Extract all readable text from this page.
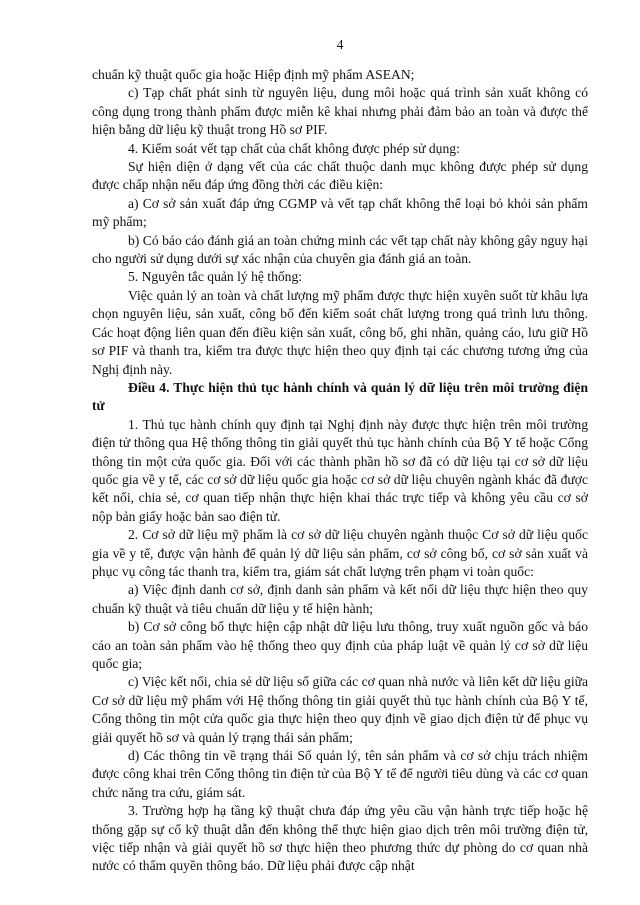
4

chuẩn kỹ thuật quốc gia hoặc Hiệp định mỹ phẩm ASEAN;

c) Tạp chất phát sinh từ nguyên liệu, dung môi hoặc quá trình sản xuất không có công dụng trong thành phẩm được miễn kê khai nhưng phải đảm bảo an toàn và được thể hiện bằng dữ liệu kỹ thuật trong Hồ sơ PIF.

4. Kiểm soát vết tạp chất của chất không được phép sử dụng:

Sự hiện diện ở dạng vết của các chất thuộc danh mục không được phép sử dụng được chấp nhận nếu đáp ứng đồng thời các điều kiện:

a) Cơ sở sản xuất đáp ứng CGMP và vết tạp chất không thể loại bỏ khỏi sản phẩm mỹ phẩm;

b) Có báo cáo đánh giá an toàn chứng minh các vết tạp chất này không gây nguy hại cho người sử dụng dưới sự xác nhận của chuyên gia đánh giá an toàn.

5. Nguyên tắc quản lý hệ thống:

Việc quản lý an toàn và chất lượng mỹ phẩm được thực hiện xuyên suốt từ khâu lựa chọn nguyên liệu, sản xuất, công bố đến kiểm soát chất lượng trong quá trình lưu thông. Các hoạt động liên quan đến điều kiện sản xuất, công bố, ghi nhãn, quảng cáo, lưu giữ Hồ sơ PIF và thanh tra, kiểm tra được thực hiện theo quy định tại các chương tương ứng của Nghị định này.

Điều 4. Thực hiện thủ tục hành chính và quản lý dữ liệu trên môi trường điện tử

1. Thủ tục hành chính quy định tại Nghị định này được thực hiện trên môi trường điện tử thông qua Hệ thống thông tin giải quyết thủ tục hành chính của Bộ Y tế hoặc Cổng thông tin một cửa quốc gia. Đối với các thành phần hồ sơ đã có dữ liệu tại cơ sở dữ liệu quốc gia về y tế, các cơ sở dữ liệu quốc gia hoặc cơ sở dữ liệu chuyên ngành khác đã được kết nối, chia sẻ, cơ quan tiếp nhận thực hiện khai thác trực tiếp và không yêu cầu cơ sở nộp bản giấy hoặc bản sao điện tử.

2. Cơ sở dữ liệu mỹ phẩm là cơ sở dữ liệu chuyên ngành thuộc Cơ sở dữ liệu quốc gia về y tế, được vận hành để quản lý dữ liệu sản phẩm, cơ sở công bố, cơ sở sản xuất và phục vụ công tác thanh tra, kiểm tra, giám sát chất lượng trên phạm vi toàn quốc:

a) Việc định danh cơ sở, định danh sản phẩm và kết nối dữ liệu thực hiện theo quy chuẩn kỹ thuật và tiêu chuẩn dữ liệu y tế hiện hành;

b) Cơ sở công bố thực hiện cập nhật dữ liệu lưu thông, truy xuất nguồn gốc và báo cáo an toàn sản phẩm vào hệ thống theo quy định của pháp luật về quản lý cơ sở dữ liệu quốc gia;

c) Việc kết nối, chia sẻ dữ liệu số giữa các cơ quan nhà nước và liên kết dữ liệu giữa Cơ sở dữ liệu mỹ phẩm với Hệ thống thông tin giải quyết thủ tục hành chính của Bộ Y tế, Cổng thông tin một cửa quốc gia thực hiện theo quy định về giao dịch điện tử để phục vụ giải quyết hồ sơ và quản lý trạng thái sản phẩm;

d) Các thông tin về trạng thái Số quản lý, tên sản phẩm và cơ sở chịu trách nhiệm được công khai trên Cổng thông tin điện tử của Bộ Y tế để người tiêu dùng và các cơ quan chức năng tra cứu, giám sát.

3. Trường hợp hạ tầng kỹ thuật chưa đáp ứng yêu cầu vận hành trực tiếp hoặc hệ thống gặp sự cố kỹ thuật dẫn đến không thể thực hiện giao dịch trên môi trường điện tử, việc tiếp nhận và giải quyết hồ sơ thực hiện theo phương thức dự phòng do cơ quan nhà nước có thẩm quyền thông báo. Dữ liệu phải được cập nhật
